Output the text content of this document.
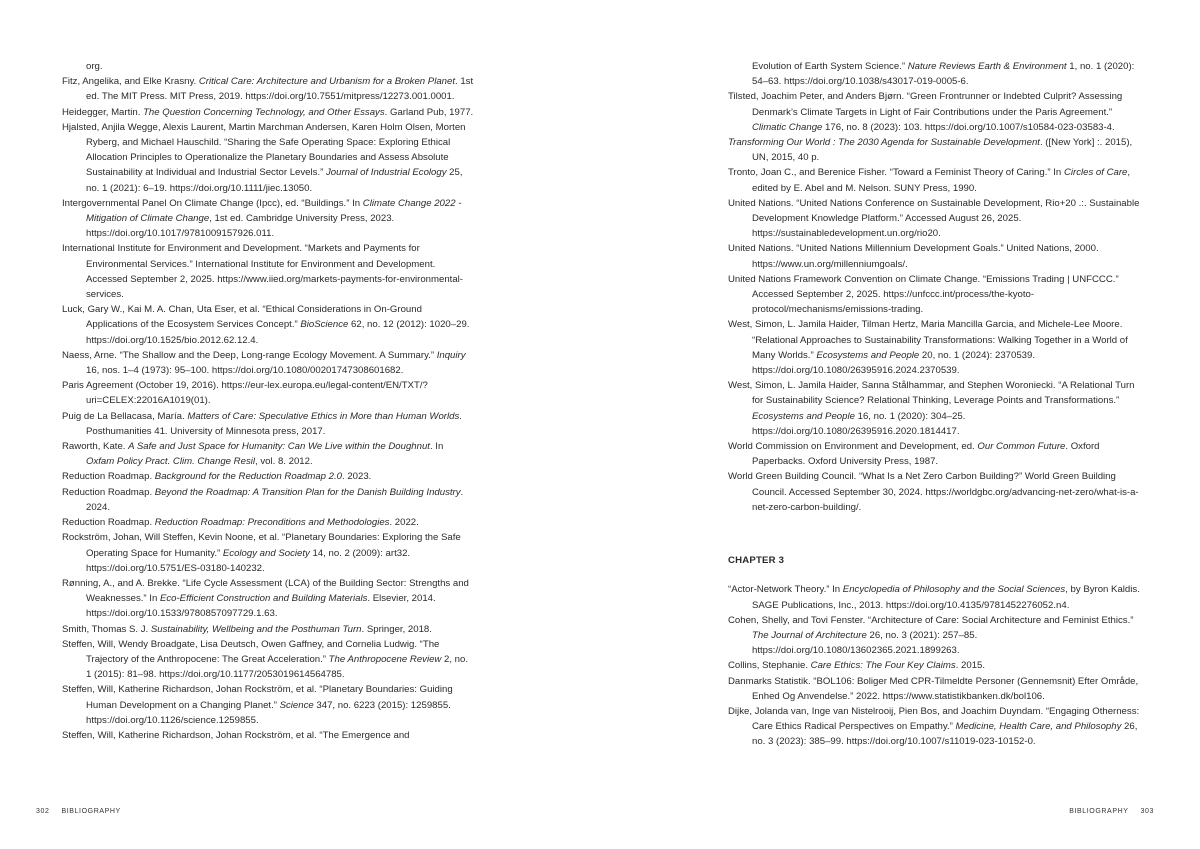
org.

Fitz, Angelika, and Elke Krasny. Critical Care: Architecture and Urbanism for a Broken Planet. 1st ed. The MIT Press. MIT Press, 2019. https://doi.org/10.7551/mitpress/12273.001.0001.

Heidegger, Martin. The Question Concerning Technology, and Other Essays. Garland Pub, 1977.

Hjalsted, Anjila Wegge, Alexis Laurent, Martin Marchman Andersen, Karen Holm Olsen, Morten Ryberg, and Michael Hauschild. “Sharing the Safe Operating Space: Exploring Ethical Allocation Principles to Operationalize the Planetary Boundaries and Assess Absolute Sustainability at Individual and Industrial Sector Levels.” Journal of Industrial Ecology 25, no. 1 (2021): 6–19. https://doi.org/10.1111/jiec.13050.

Intergovernmental Panel On Climate Change (Ipcc), ed. “Buildings.” In Climate Change 2022 - Mitigation of Climate Change, 1st ed. Cambridge University Press, 2023. https://doi.org/10.1017/9781009157926.011.

International Institute for Environment and Development. “Markets and Payments for Environmental Services.” International Institute for Environment and Development. Accessed September 2, 2025. https://www.iied.org/markets-payments-for-environmental-services.

Luck, Gary W., Kai M. A. Chan, Uta Eser, et al. “Ethical Considerations in On-Ground Applications of the Ecosystem Services Concept.” BioScience 62, no. 12 (2012): 1020–29. https://doi.org/10.1525/bio.2012.62.12.4.

Naess, Arne. “The Shallow and the Deep, Long-range Ecology Movement. A Summary.” Inquiry 16, nos. 1–4 (1973): 95–100. https://doi.org/10.1080/00201747308601682.

Paris Agreement (October 19, 2016). https://eur-lex.europa.eu/legal-content/EN/TXT/?uri=CELEX:22016A1019(01).

Puig de La Bellacasa, María. Matters of Care: Speculative Ethics in More than Human Worlds. Posthumanities 41. University of Minnesota press, 2017.

Raworth, Kate. A Safe and Just Space for Humanity: Can We Live within the Doughnut. In Oxfam Policy Pract. Clim. Change Resil, vol. 8. 2012.

Reduction Roadmap. Background for the Reduction Roadmap 2.0. 2023.

Reduction Roadmap. Beyond the Roadmap: A Transition Plan for the Danish Building Industry. 2024.

Reduction Roadmap. Reduction Roadmap: Preconditions and Methodologies. 2022.

Rockström, Johan, Will Steffen, Kevin Noone, et al. “Planetary Boundaries: Exploring the Safe Operating Space for Humanity.” Ecology and Society 14, no. 2 (2009): art32. https://doi.org/10.5751/ES-03180-140232.

Rønning, A., and A. Brekke. “Life Cycle Assessment (LCA) of the Building Sector: Strengths and Weaknesses.” In Eco-Efficient Construction and Building Materials. Elsevier, 2014. https://doi.org/10.1533/9780857097729.1.63.

Smith, Thomas S. J. Sustainability, Wellbeing and the Posthuman Turn. Springer, 2018.

Steffen, Will, Wendy Broadgate, Lisa Deutsch, Owen Gaffney, and Cornelia Ludwig. “The Trajectory of the Anthropocene: The Great Acceleration.” The Anthropocene Review 2, no. 1 (2015): 81–98. https://doi.org/10.1177/2053019614564785.

Steffen, Will, Katherine Richardson, Johan Rockström, et al. “Planetary Boundaries: Guiding Human Development on a Changing Planet.” Science 347, no. 6223 (2015): 1259855. https://doi.org/10.1126/science.1259855.

Steffen, Will, Katherine Richardson, Johan Rockström, et al. “The Emergence and

302 BIBLIOGRAPHY

Evolution of Earth System Science.” Nature Reviews Earth & Environment 1, no. 1 (2020): 54–63. https://doi.org/10.1038/s43017-019-0005-6.

Tilsted, Joachim Peter, and Anders Bjørn. “Green Frontrunner or Indebted Culprit? Assessing Denmark’s Climate Targets in Light of Fair Contributions under the Paris Agreement.” Climatic Change 176, no. 8 (2023): 103. https://doi.org/10.1007/s10584-023-03583-4.

Transforming Our World : The 2030 Agenda for Sustainable Development. ([New York] :. 2015), UN, 2015, 40 p.

Tronto, Joan C., and Berenice Fisher. “Toward a Feminist Theory of Caring.” In Circles of Care, edited by E. Abel and M. Nelson. SUNY Press, 1990.

United Nations. “United Nations Conference on Sustainable Development, Rio+20 .:. Sustainable Development Knowledge Platform.” Accessed August 26, 2025. https://sustainabledevelopment.un.org/rio20.

United Nations. “United Nations Millennium Development Goals.” United Nations, 2000. https://www.un.org/millenniumgoals/.

United Nations Framework Convention on Climate Change. “Emissions Trading | UNFCCC.” Accessed September 2, 2025. https://unfccc.int/process/the-kyoto-protocol/mechanisms/emissions-trading.

West, Simon, L. Jamila Haider, Tilman Hertz, Maria Mancilla Garcia, and Michele-Lee Moore. “Relational Approaches to Sustainability Transformations: Walking Together in a World of Many Worlds.” Ecosystems and People 20, no. 1 (2024): 2370539. https://doi.org/10.1080/26395916.2024.2370539.

West, Simon, L. Jamila Haider, Sanna Stålhammar, and Stephen Woroniecki. “A Relational Turn for Sustainability Science? Relational Thinking, Leverage Points and Transformations.” Ecosystems and People 16, no. 1 (2020): 304–25. https://doi.org/10.1080/26395916.2020.1814417.

World Commission on Environment and Development, ed. Our Common Future. Oxford Paperbacks. Oxford University Press, 1987.

World Green Building Council. “What Is a Net Zero Carbon Building?” World Green Building Council. Accessed September 30, 2024. https://worldgbc.org/advancing-net-zero/what-is-a-net-zero-carbon-building/.

CHAPTER 3

“Actor-Network Theory.” In Encyclopedia of Philosophy and the Social Sciences, by Byron Kaldis. SAGE Publications, Inc., 2013. https://doi.org/10.4135/9781452276052.n4.

Cohen, Shelly, and Tovi Fenster. “Architecture of Care: Social Architecture and Feminist Ethics.” The Journal of Architecture 26, no. 3 (2021): 257–85. https://doi.org/10.1080/13602365.2021.1899263.

Collins, Stephanie. Care Ethics: The Four Key Claims. 2015.

Danmarks Statistik. “BOL106: Boliger Med CPR-Tilmeldte Personer (Gennemsnit) Efter Område, Enhed Og Anvendelse.” 2022. https://www.statistikbanken.dk/bol106.

Dijke, Jolanda van, Inge van Nistelrooij, Pien Bos, and Joachim Duyndam. “Engaging Otherness: Care Ethics Radical Perspectives on Empathy.” Medicine, Health Care, and Philosophy 26, no. 3 (2023): 385–99. https://doi.org/10.1007/s11019-023-10152-0.

BIBLIOGRAPHY 303
